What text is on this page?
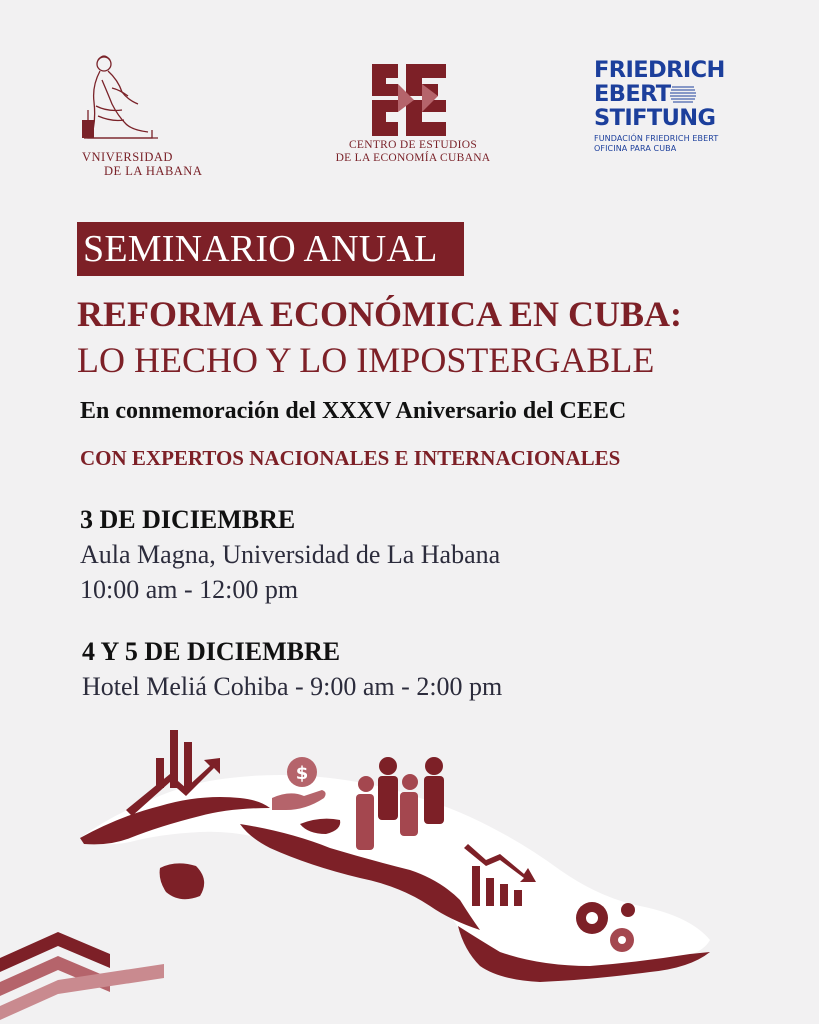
VNIVERSIDAD
DE LA HABANA
CENTRO DE ESTUDIOS
DE LA ECONOMÍA CUBANA
FRIEDRICH
EBERT
STIFTUNG
FUNDACIÓN FRIEDRICH EBERT
OFICINA PARA CUBA
SEMINARIO ANUAL
REFORMA ECONÓMICA EN CUBA:
LO HECHO Y LO IMPOSTERGABLE
En conmemoración del XXXV Aniversario del CEEC
CON EXPERTOS NACIONALES E INTERNACIONALES
3 DE DICIEMBRE
Aula Magna, Universidad de La Habana
10:00 am - 12:00 pm
4 Y 5 DE DICIEMBRE
Hotel Meliá Cohiba - 9:00 am - 2:00 pm
$
